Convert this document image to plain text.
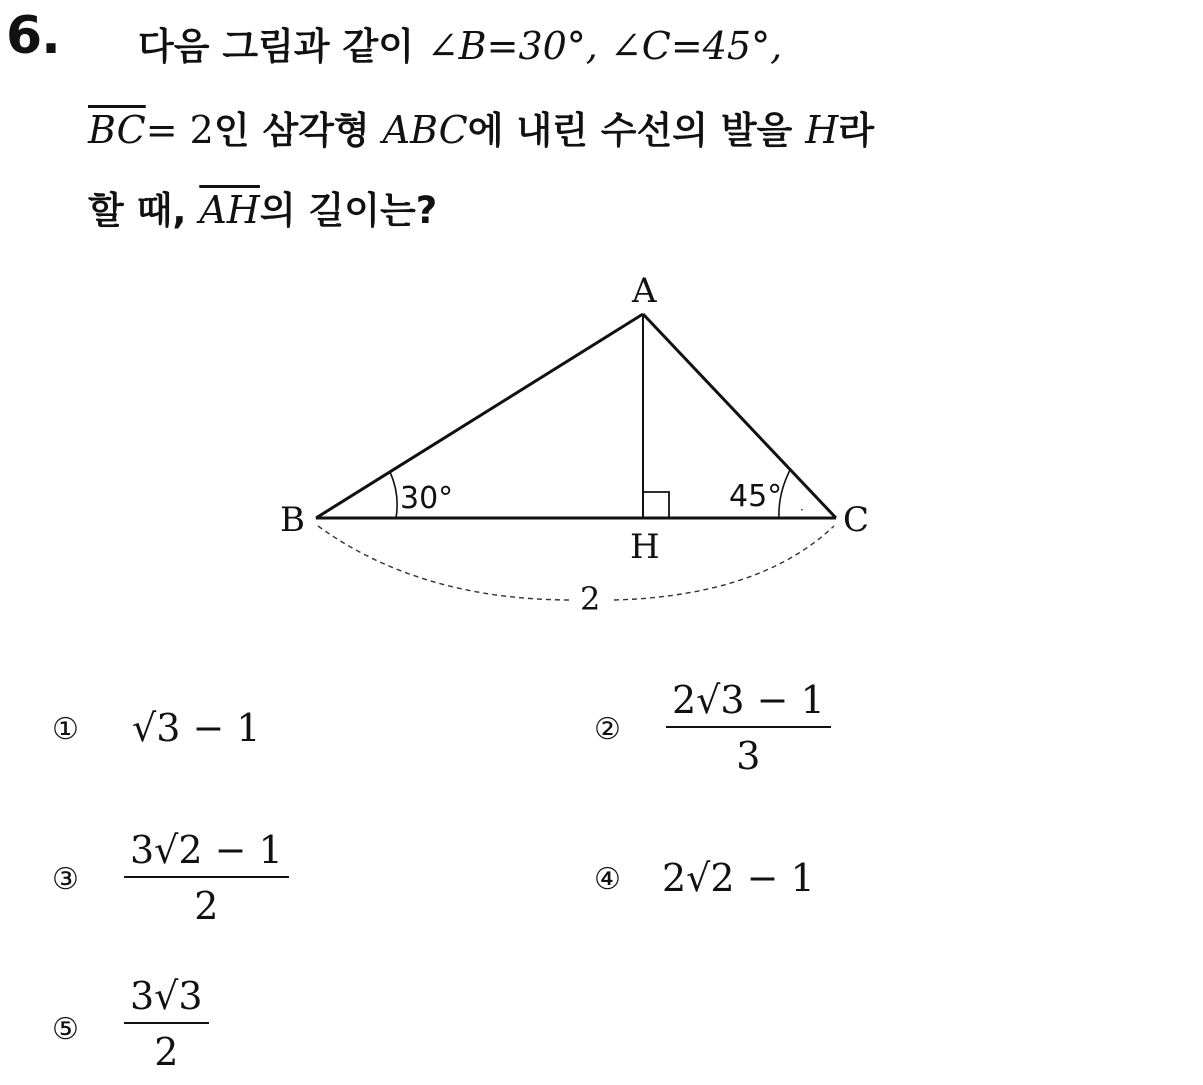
6. 다음 그림과 같이 ∠B=30°, ∠C=45°,
$\overline{BC}= 2$인 삼각형 ABC에 내린 수선의 발을 H라
할 때, $\overline{AH}$의 길이는?
·
A
B	C
H
30°	45°
2
① √3 − 1	② $\frac{2√3 - 1}{3}$
③ $\frac{3√2 - 1}{2}$	④ 2√2 − 1
⑤ $\frac{3√3}{2}$
